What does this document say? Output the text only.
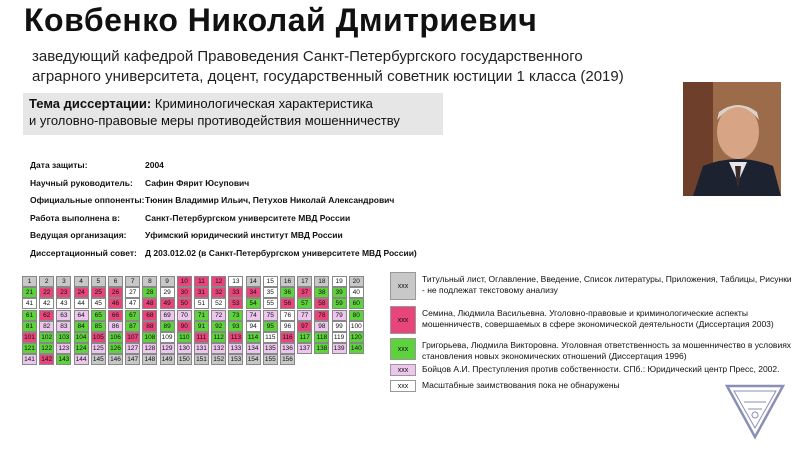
Ковбенко Николай Дмитриевич
заведующий кафедрой Правоведения Санкт-Петербургского государственного аграрного университета, доцент, государственный советник юстиции 1 класса (2019)
Тема диссертации: Криминологическая характеристика
и уголовно-правовые меры противодействия мошенничеству
Дата защиты:	2004
Научный руководитель:	Сафин Фярит Юсупович
Официальные оппоненты: Тюнин Владимир Ильич, Петухов Николай Александрович
Работа выполнена в:	Санкт-Петербургском университете МВД России
Ведущая организация:	Уфимский юридический институт МВД России
Диссертационный совет: Д 203.012.02 (в Санкт-Петербургском университете МВД России)
1	2	3	4	5	6	7	8	9	10	11	12	13	14	15	16	17	18	19	20
21	22	23	24	25	26	27	28	29	30	31	32	33	34	35	36	37	38	39	40
41	42	43	44	45	46	47	48	49	50	51	52	53	54	55	56	57	58	59	60
61	62	63	64	65	66	67	68	69	70	71	72	73	74	75	76	77	78	79	80
81	82	83	84	85	86	87	88	89	90	91	92	93	94	95	96	97	98	99	100
101 102 103 104 105 106 107 108 109	110	111	112	113	114	115	116	117	118	119	120
121 122 123 124 125 126 127 128 129 130 131 132 133 134 135 136 137 138 139 140
141 142 143 144 145 146 147 148 149 150 151 152 153 154 155 156
ххх
Титульный лист, Оглавление, Введение, Список литературы, Приложения, Таблицы, Рисунки - не подлежат текстовому анализу
ххх
Семина, Людмила Васильевна. Уголовно-правовые и криминологические аспекты мошенничеств, совершаемых в сфере экономической деятельности (Диссертация 2003)
ххх	Григорьева, Людмила Викторовна. Уголовная ответственность за мошенничество в условиях становления новых экономических отношений (Диссертация 1996)
ххх	Бойцов А.И. Преступления против собственности. СПб.: Юридический центр Пресс, 2002.
ххх	Масштабные заимствования пока не обнаружены
